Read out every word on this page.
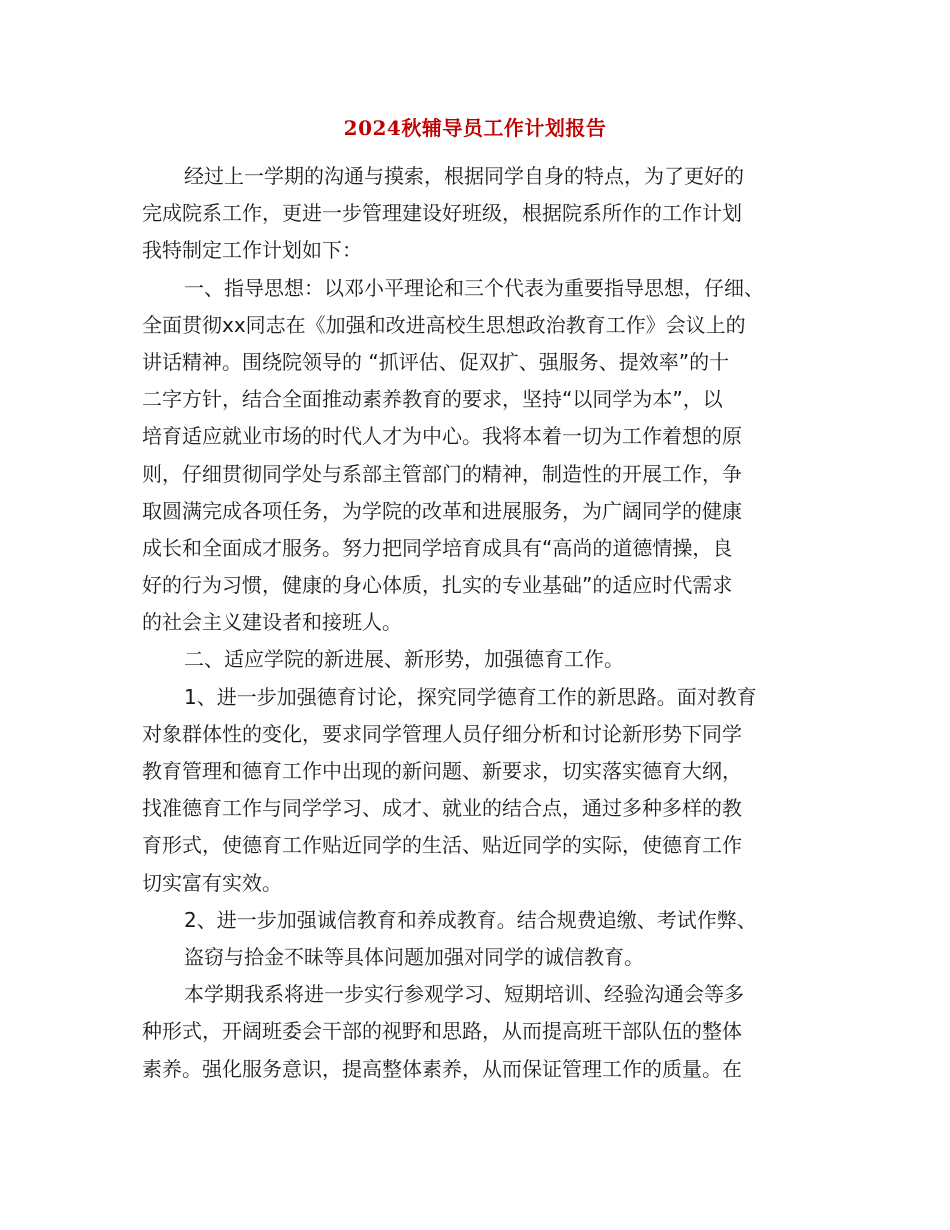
2024秋辅导员工作计划报告
经过上一学期的沟通与摸索，根据同学自身的特点，为了更好的
完成院系工作，更进一步管理建设好班级，根据院系所作的工作计划
我特制定工作计划如下：
一、指导思想：以邓小平理论和三个代表为重要指导思想，仔细、
全面贯彻xx同志在《加强和改进高校生思想政治教育工作》会议上的
讲话精神。围绕院领导的 “抓评估、促双扩、强服务、提效率”的十
二字方针，结合全面推动素养教育的要求，坚持“以同学为本”，以
培育适应就业市场的时代人才为中心。我将本着一切为工作着想的原
则，仔细贯彻同学处与系部主管部门的精神，制造性的开展工作，争
取圆满完成各项任务，为学院的改革和进展服务，为广阔同学的健康
成长和全面成才服务。努力把同学培育成具有“高尚的道德情操，良
好的行为习惯，健康的身心体质，扎实的专业基础”的适应时代需求
的社会主义建设者和接班人。
二、适应学院的新进展、新形势，加强德育工作。
1、进一步加强德育讨论，探究同学德育工作的新思路。面对教育
对象群体性的变化，要求同学管理人员仔细分析和讨论新形势下同学
教育管理和德育工作中出现的新问题、新要求，切实落实德育大纲，
找准德育工作与同学学习、成才、就业的结合点，通过多种多样的教
育形式，使德育工作贴近同学的生活、贴近同学的实际，使德育工作
切实富有实效。
2、进一步加强诚信教育和养成教育。结合规费追缴、考试作弊、
盗窃与拾金不昧等具体问题加强对同学的诚信教育。
本学期我系将进一步实行参观学习、短期培训、经验沟通会等多
种形式，开阔班委会干部的视野和思路，从而提高班干部队伍的整体
素养。强化服务意识，提高整体素养，从而保证管理工作的质量。在
